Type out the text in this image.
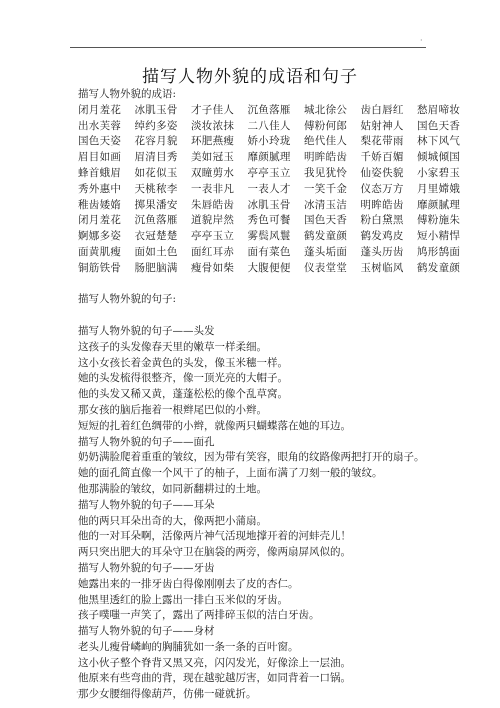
·
描写人物外貌的成语和句子
描写人物外貌的成语:
闭月羞花	冰肌玉骨	才子佳人	沉鱼落雁	城北徐公	齿白唇红	愁眉啼妆
出水芙蓉	绰约多姿	淡妆浓抹	二八佳人	傅粉何郎	姑射神人	国色天香
国色天姿	花容月貌	环肥燕瘦	娇小玲珑	绝代佳人	梨花带雨	林下风气
眉目如画	眉清目秀	美如冠玉	靡颜腻理	明眸皓齿	千娇百媚	倾城倾国
蜂首蛾眉	如花似玉	双瞳剪水	亭亭玉立	我见犹怜	仙姿佚貌	小家碧玉
秀外惠中	天桃秾李	一表非凡	一表人才	一笑千金	仪态万方	月里嫦娥
稚齿婑媠	掷果潘安	朱唇皓齿	冰肌玉骨	冰清玉洁	明眸皓齿	靡颜腻理
闭月羞花	沉鱼落雁	道貌岸然	秀色可餐	国色天香	粉白黛黑	傅粉施朱
婀娜多姿	衣冠楚楚	亭亭玉立	雾鬓风鬟	鹤发童颜	鹤发鸡皮	短小精悍
面黄肌瘦	面如土色	面红耳赤	面有菜色	蓬头垢面	蓬头历齿	鸠形鹄面
铜筋铁骨	肠肥脑满	瘦骨如柴	大腹便便	仪表堂堂	玉树临风	鹤发童颜
描写人物外貌的句子:
描写人物外貌的句子——头发
这孩子的头发像春天里的嫩草一样柔细。
这小女孩长着金黄色的头发，像玉米穗一样。
她的头发梳得很整齐，像一顶光亮的大帽子。
他的头发又稀又黄，蓬蓬松松的像个乱草窝。
那女孩的脑后拖着一根辫尾巴似的小辫。
短短的扎着红色绸带的小辫，就像两只蝴蝶落在她的耳边。
描写人物外貌的句子——面孔
奶奶满脸爬着重重的皱纹，因为带有笑容，眼角的纹路像两把打开的扇子。
她的面孔简直像一个风干了的柚子，上面布满了刀刻一般的皱纹。
他那满脸的皱纹，如同新翻耕过的土地。
描写人物外貌的句子——耳朵
他的两只耳朵出奇的大，像两把小蒲扇。
他的一对耳朵啊，活像两片神气活现地撑开着的河蚌壳儿！
两只突出肥大的耳朵守卫在脑袋的两旁，像两扇屏风似的。
描写人物外貌的句子——牙齿
她露出来的一排牙齿白得像刚刚去了皮的杏仁。
他黑里透红的脸上露出一排白玉米似的牙齿。
孩子噗嗤一声笑了，露出了两排碎玉似的洁白牙齿。
描写人物外貌的句子——身材
老头儿瘦骨嶙峋的胸脯犹如一条一条的百叶窗。
这小伙子整个脊背又黑又亮，闪闪发光，好像涂上一层油。
他原来有些弯曲的背，现在越驼越厉害，如同背着一口锅。
那少女腰细得像葫芦，仿佛一碰就折。
·
